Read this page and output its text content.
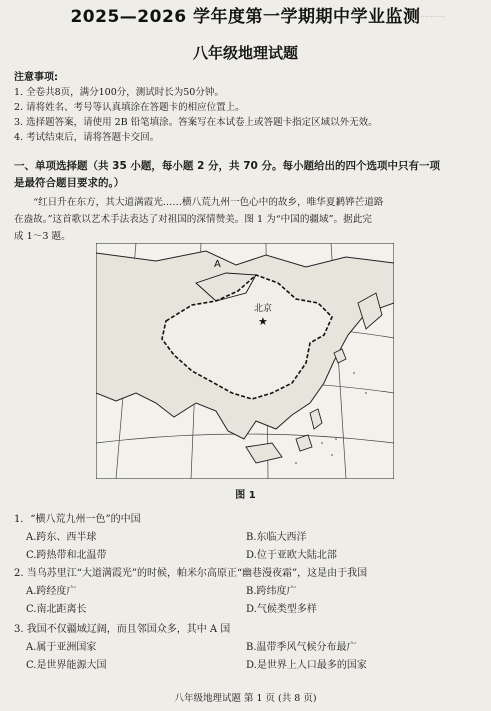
..........
2025—2026 学年度第一学期期中学业监测
八年级地理试题
注意事项:
1. 全卷共8页，满分100分，测试时长为50分钟。
2. 请将姓名、考号等认真填涂在答题卡的相应位置上。
3. 选择题答案，请使用 2B 铅笔填涂。答案写在本试卷上或答题卡指定区域以外无效。
4. 考试结束后，请将答题卡交回。
一、单项选择题（共 35 小题，每小题 2 分，共 70 分。每小题给出的四个选项中只有一项
是最符合题目要求的。）
“红日升在东方，其大道满霞光……横八荒九州一色心中的故乡，唯华夏鹣铧芒道路
在盎故。”这首歌以艺术手法表达了对祖国的深情赞美。图 1 为“中国的疆域”。据此完
成 1～3 题。
北京
★
A
图 1
1．“横八荒九州一色”的中国
A.跨东、西半球	B.东临大西洋
C.跨热带和北温带	D.位于亚欧大陆北部
2. 当乌苏里江“大道满霞光”的时候，帕米尔高原正“幽巷漫夜霜”，这是由于我国
A.跨经度广	B.跨纬度广
C.南北距离长	D.气候类型多样
3. 我国不仅疆域辽阔，而且邻国众多，其中 A 国
A.属于亚洲国家	B.温带季风气候分布最广
C.是世界能源大国	D.是世界上人口最多的国家
八年级地理试题 第 1 页 (共 8 页)
